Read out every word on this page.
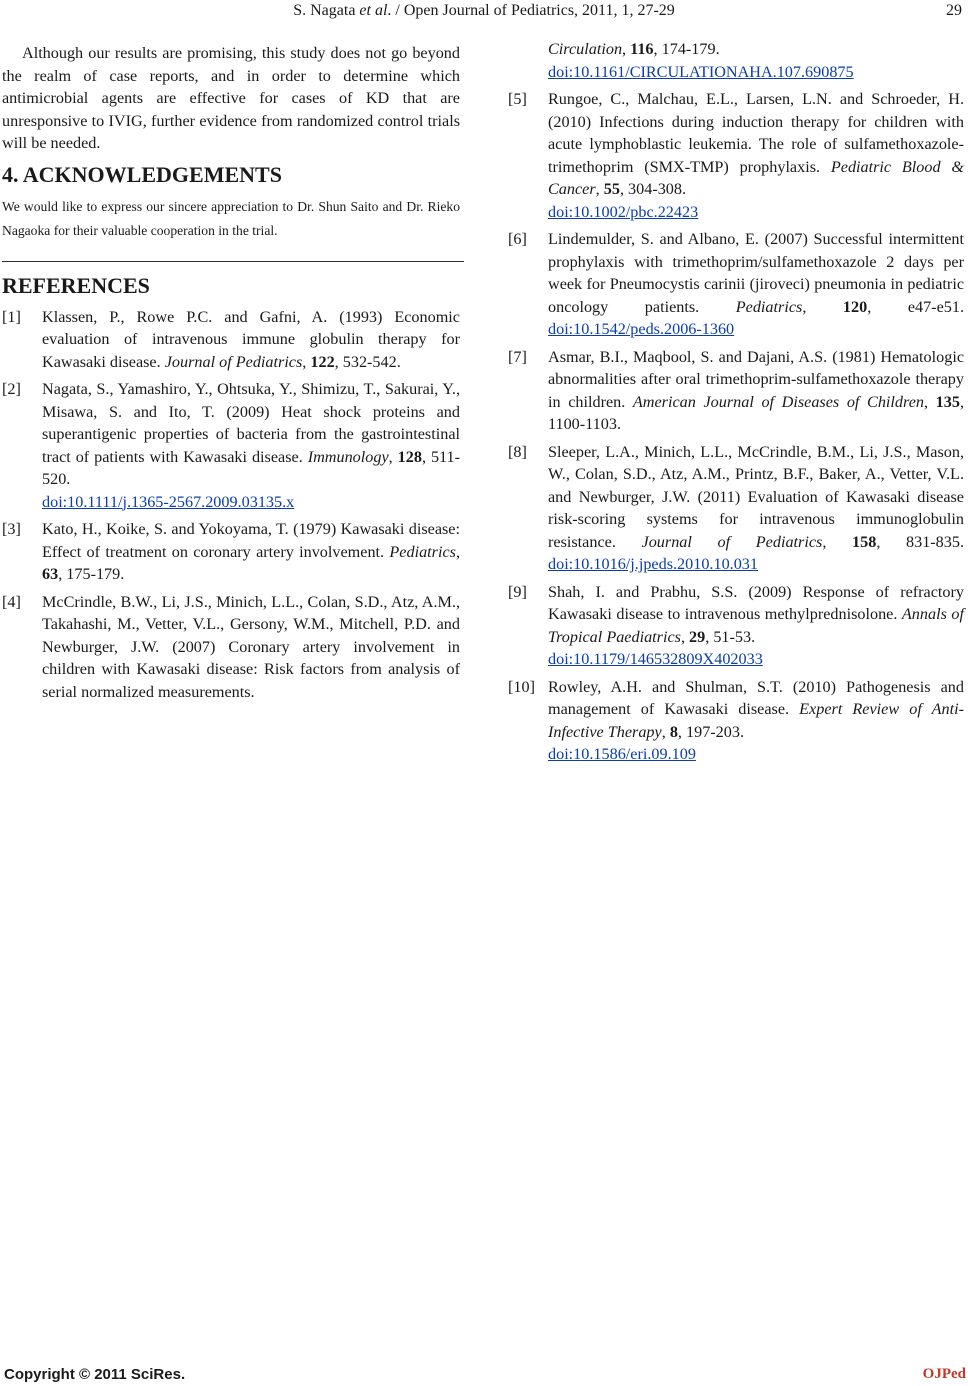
S. Nagata et al. / Open Journal of Pediatrics, 2011, 1, 27-29	29

Although our results are promising, this study does not go beyond the realm of case reports, and in order to determine which antimicrobial agents are effective for cases of KD that are unresponsive to IVIG, further evidence from randomized control trials will be needed.

4. ACKNOWLEDGEMENTS

We would like to express our sincere appreciation to Dr. Shun Saito and Dr. Rieko Nagaoka for their valuable cooperation in the trial.

REFERENCES
[1]	Klassen, P., Rowe P.C. and Gafni, A. (1993) Economic evaluation of intravenous immune globulin therapy for Kawasaki disease. Journal of Pediatrics, 122, 532-542.
[2]	Nagata, S., Yamashiro, Y., Ohtsuka, Y., Shimizu, T., Sakurai, Y., Misawa, S. and Ito, T. (2009) Heat shock proteins and superantigenic properties of bacteria from the gastrointestinal tract of patients with Kawasaki disease. Immunology, 128, 511-520.
doi:10.1111/j.1365-2567.2009.03135.x
[3]	Kato, H., Koike, S. and Yokoyama, T. (1979) Kawasaki disease: Effect of treatment on coronary artery involvement. Pediatrics, 63, 175-179.
[4]	McCrindle, B.W., Li, J.S., Minich, L.L., Colan, S.D., Atz, A.M., Takahashi, M., Vetter, V.L., Gersony, W.M., Mitchell, P.D. and Newburger, J.W. (2007) Coronary artery involvement in children with Kawasaki disease: Risk factors from analysis of serial normalized measurements.
Circulation, 116, 174-179.
doi:10.1161/CIRCULATIONAHA.107.690875
[5]	Rungoe, C., Malchau, E.L., Larsen, L.N. and Schroeder, H. (2010) Infections during induction therapy for children with acute lymphoblastic leukemia. The role of sulfamethoxazole-trimethoprim (SMX-TMP) prophylaxis. Pediatric Blood & Cancer, 55, 304-308.
doi:10.1002/pbc.22423
[6]	Lindemulder, S. and Albano, E. (2007) Successful intermittent prophylaxis with trimethoprim/sulfamethoxazole 2 days per week for Pneumocystis carinii (jiroveci) pneumonia in pediatric oncology patients. Pediatrics, 120, e47-e51. doi:10.1542/peds.2006-1360
[7]	Asmar, B.I., Maqbool, S. and Dajani, A.S. (1981) Hematologic abnormalities after oral trimethoprim-sulfamethoxazole therapy in children. American Journal of Diseases of Children, 135, 1100-1103.
[8]	Sleeper, L.A., Minich, L.L., McCrindle, B.M., Li, J.S., Mason, W., Colan, S.D., Atz, A.M., Printz, B.F., Baker, A., Vetter, V.L. and Newburger, J.W. (2011) Evaluation of Kawasaki disease risk-scoring systems for intravenous immunoglobulin resistance. Journal of Pediatrics, 158, 831-835. doi:10.1016/j.jpeds.2010.10.031
[9]	Shah, I. and Prabhu, S.S. (2009) Response of refractory Kawasaki disease to intravenous methylprednisolone. Annals of Tropical Paediatrics, 29, 51-53.
doi:10.1179/146532809X402033
[10] Rowley, A.H. and Shulman, S.T. (2010) Pathogenesis and management of Kawasaki disease. Expert Review of Anti-Infective Therapy, 8, 197-203.
doi:10.1586/eri.09.109
Copyright © 2011 SciRes.	OJPed
